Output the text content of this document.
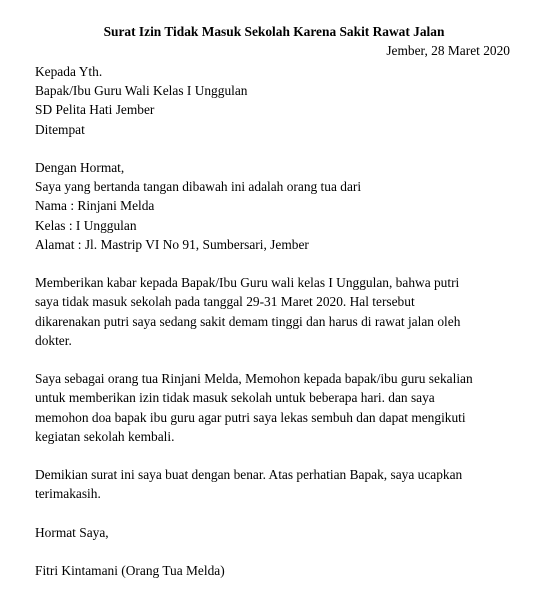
Surat Izin Tidak Masuk Sekolah Karena Sakit Rawat Jalan
Jember, 28 Maret 2020
Kepada Yth.
Bapak/Ibu Guru Wali Kelas I Unggulan
SD Pelita Hati Jember
Ditempat
Dengan Hormat,
Saya yang bertanda tangan dibawah ini adalah orang tua dari
Nama : Rinjani Melda
Kelas : I Unggulan
Alamat : Jl. Mastrip VI No 91, Sumbersari, Jember
Memberikan kabar kepada Bapak/Ibu Guru wali kelas I Unggulan, bahwa putri
saya tidak masuk sekolah pada tanggal 29-31 Maret 2020. Hal tersebut
dikarenakan putri saya sedang sakit demam tinggi dan harus di rawat jalan oleh
dokter.
Saya sebagai orang tua Rinjani Melda, Memohon kepada bapak/ibu guru sekalian
untuk memberikan izin tidak masuk sekolah untuk beberapa hari. dan saya
memohon doa bapak ibu guru agar putri saya lekas sembuh dan dapat mengikuti
kegiatan sekolah kembali.
Demikian surat ini saya buat dengan benar. Atas perhatian Bapak, saya ucapkan
terimakasih.
Hormat Saya,
Fitri Kintamani (Orang Tua Melda)
